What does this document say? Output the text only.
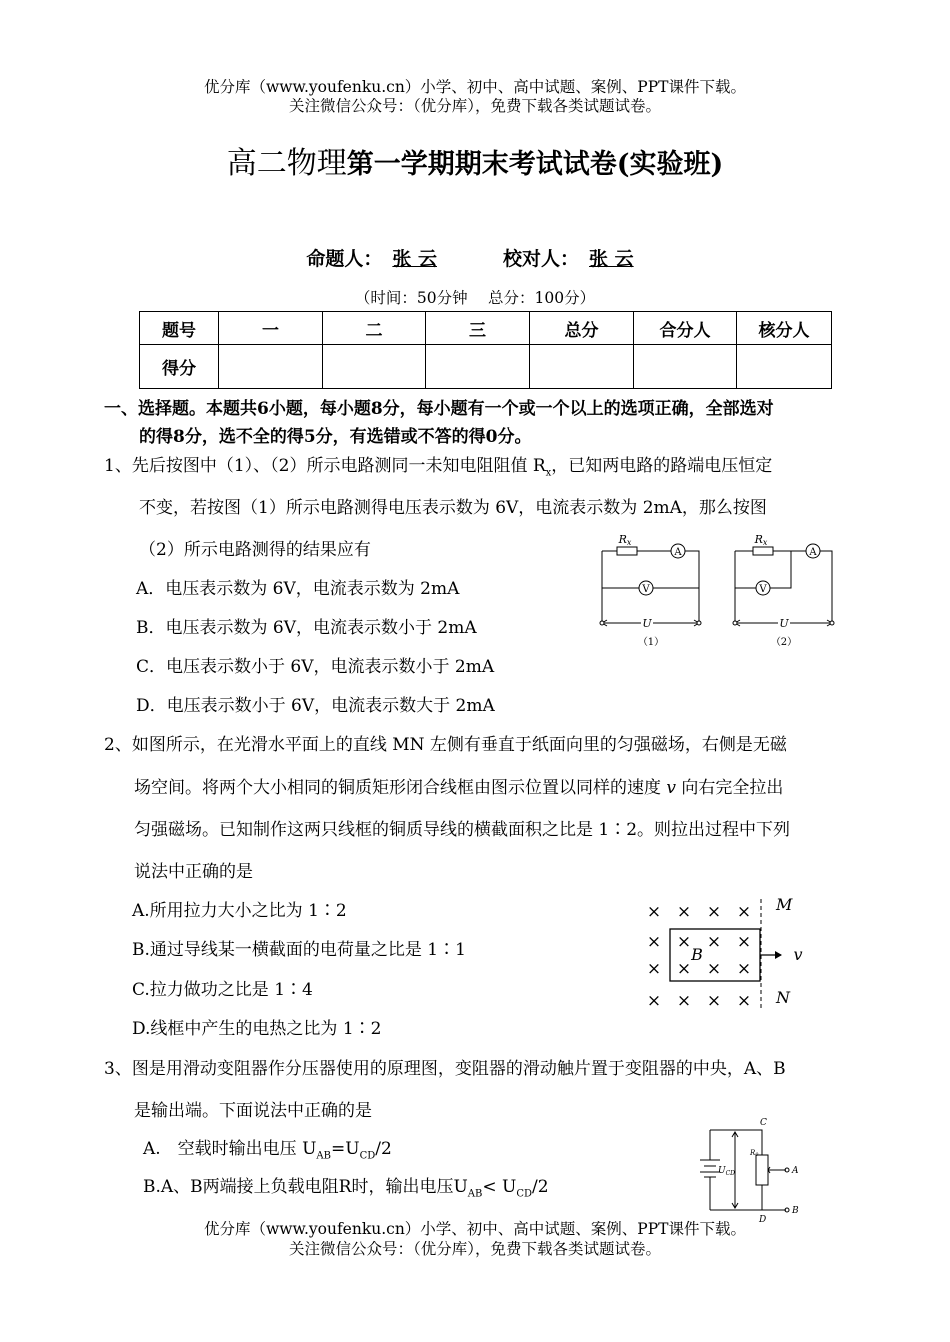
优分库（www.youfenku.cn）小学、初中、高中试题、案例、PPT课件下载。
关注微信公众号：（优分库），免费下载各类试题试卷。
高二物理第一学期期末考试试卷(实验班)
命题人： 张 云	校对人： 张 云
（时间：50分钟　 总分：100分）
题号	一	二	三	总分	合分人	核分人
得分						
一、选择题。本题共6小题，每小题8分，每小题有一个或一个以上的选项正确，全部选对
的得8分，选不全的得5分，有选错或不答的得0分。
1、先后按图中（1）、（2）所示电路测同一未知电阻阻值 $R_x$，已知两电路的路端电压恒定
不变，若按图（1）所示电路测得电压表示数为 6V，电流表示数为 2mA，那么按图
（2）所示电路测得的结果应有
A．电压表示数为 6V，电流表示数为 2mA
B．电压表示数为 6V，电流表示数小于 2mA
C．电压表示数小于 6V，电流表示数小于 2mA
D．电压表示数小于 6V，电流表示数大于 2mA
Rx
A
V
U
（1）
Rx
A
V
U
（2）
2、如图所示，在光滑水平面上的直线 MN 左侧有垂直于纸面向里的匀强磁场，右侧是无磁
场空间。将两个大小相同的铜质矩形闭合线框由图示位置以同样的速度 v 向右完全拉出
匀强磁场。已知制作这两只线框的铜质导线的横截面积之比是 1∶2。则拉出过程中下列
说法中正确的是
A.所用拉力大小之比为 1∶2
B.通过导线某一横截面的电荷量之比是 1∶1
C.拉力做功之比是 1∶4
D.线框中产生的电热之比为 1∶2
× × × ×
× × × ×
× × × ×
× × × ×
M
N
B	v
3、图是用滑动变阻器作分压器使用的原理图，变阻器的滑动触片置于变阻器的中央，A、B
是输出端。下面说法中正确的是
A.　空载时输出电压 $U_{AB}=U_{CD}/2$
B.A、B两端接上负载电阻R时，输出电压$U_{AB}< U_{CD}/2$
C
D
A
B
$U_{CD}$
R0
优分库（www.youfenku.cn）小学、初中、高中试题、案例、PPT课件下载。
关注微信公众号：（优分库），免费下载各类试题试卷。
